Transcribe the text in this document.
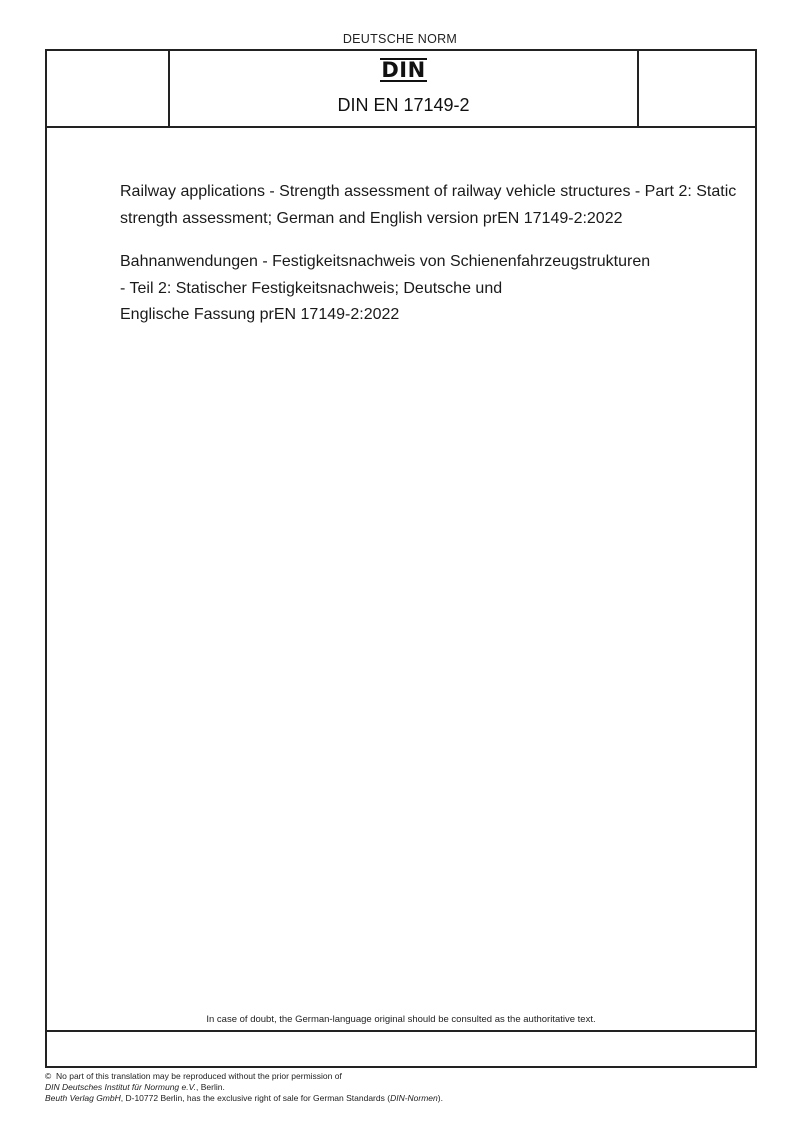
DEUTSCHE NORM
DIN
DIN EN 17149-2

Railway applications - Strength assessment of railway vehicle structures - Part 2: Static strength assessment; German and English version prEN 17149-2:2022

Bahnanwendungen - Festigkeitsnachweis von Schienenfahrzeugstrukturen
- Teil 2: Statischer Festigkeitsnachweis; Deutsche und
Englische Fassung prEN 17149-2:2022

In case of doubt, the German-language original should be consulted as the authoritative text.

© No part of this translation may be reproduced without the prior permission of

DIN Deutsches Institut für Normung e.V., Berlin.

Beuth Verlag GmbH, D-10772 Berlin, has the exclusive right of sale for German Standards (DIN-Normen).
